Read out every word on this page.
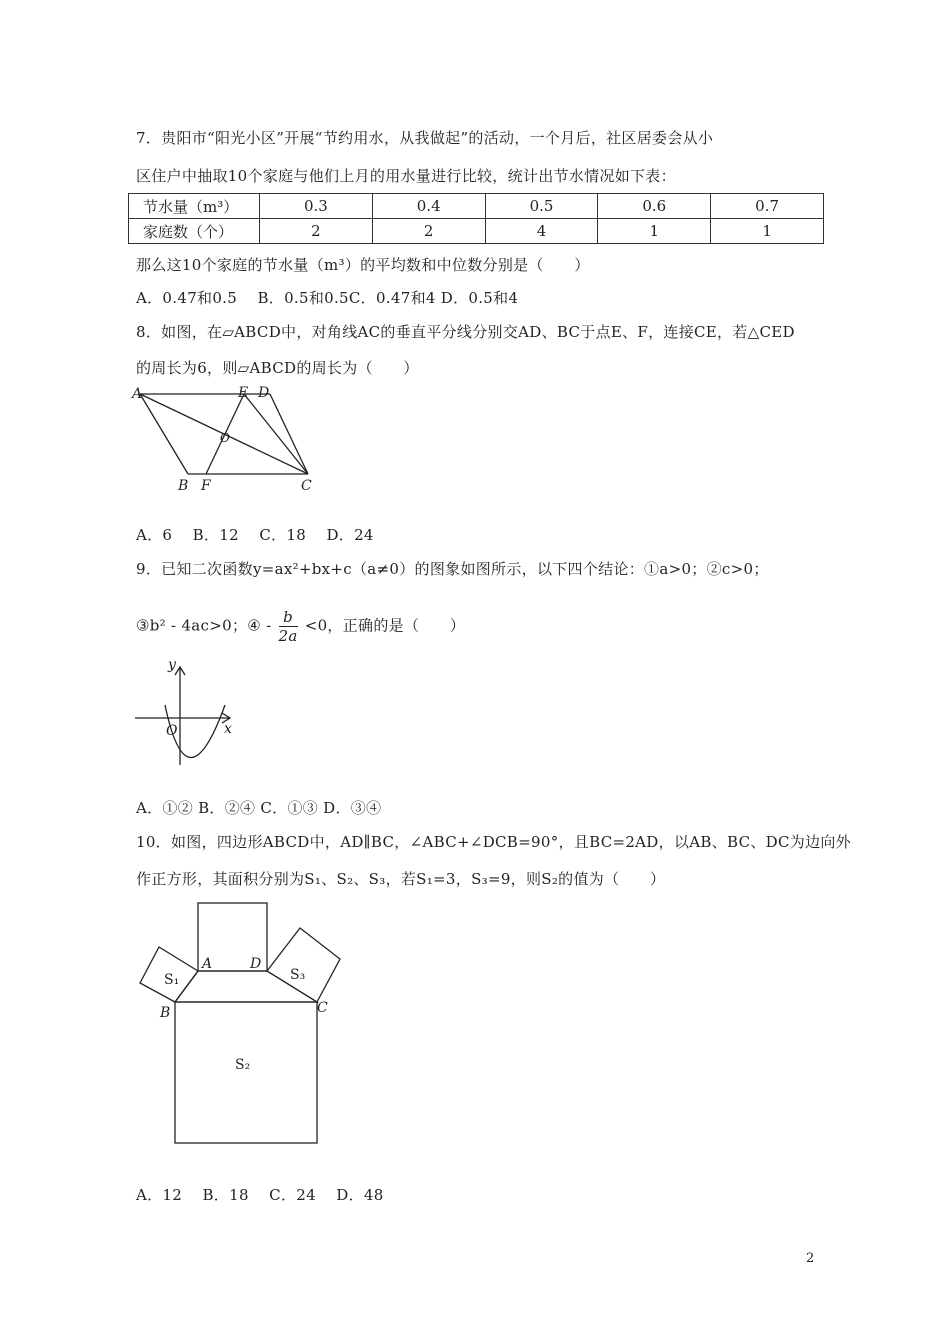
7．贵阳市“阳光小区”开展“节约用水，从我做起”的活动，一个月后，社区居委会从小
区住户中抽取10个家庭与他们上月的用水量进行比较，统计出节水情况如下表：
节水量（m³）	0.3	0.4	0.5	0.6	0.7
家庭数（个）	2	2	4	1	1
那么这10个家庭的节水量（m³）的平均数和中位数分别是（　　）
A．0.47和0.5　 B．0.5和0.5C．0.47和4 D．0.5和4
8．如图，在▱ABCD中，对角线AC的垂直平分线分别交AD、BC于点E、F，连接CE，若△CED
的周长为6，则▱ABCD的周长为（　　）
A	E D
O
B F	C
A．6　 B．12　 C．18　 D．24
9．已知二次函数y=ax²+bx+c（a≠0）的图象如图所示，以下四个结论：①a>0；②c>0；
③b² - 4ac>0；④ - $\frac{b}{2a} <0$，正确的是（　　）
y
x
O
A．①② B．②④ C．①③ D．③④
10．如图，四边形ABCD中，AD∥BC，∠ABC+∠DCB=90°，且BC=2AD，以AB、BC、DC为边向外
作正方形，其面积分别为S₁、S₂、S₃，若S₁=3，S₃=9，则S₂的值为（　　）
A	D
B	C
S₁	S₃
S₂
A．12　 B．18　 C．24　 D．48
2
